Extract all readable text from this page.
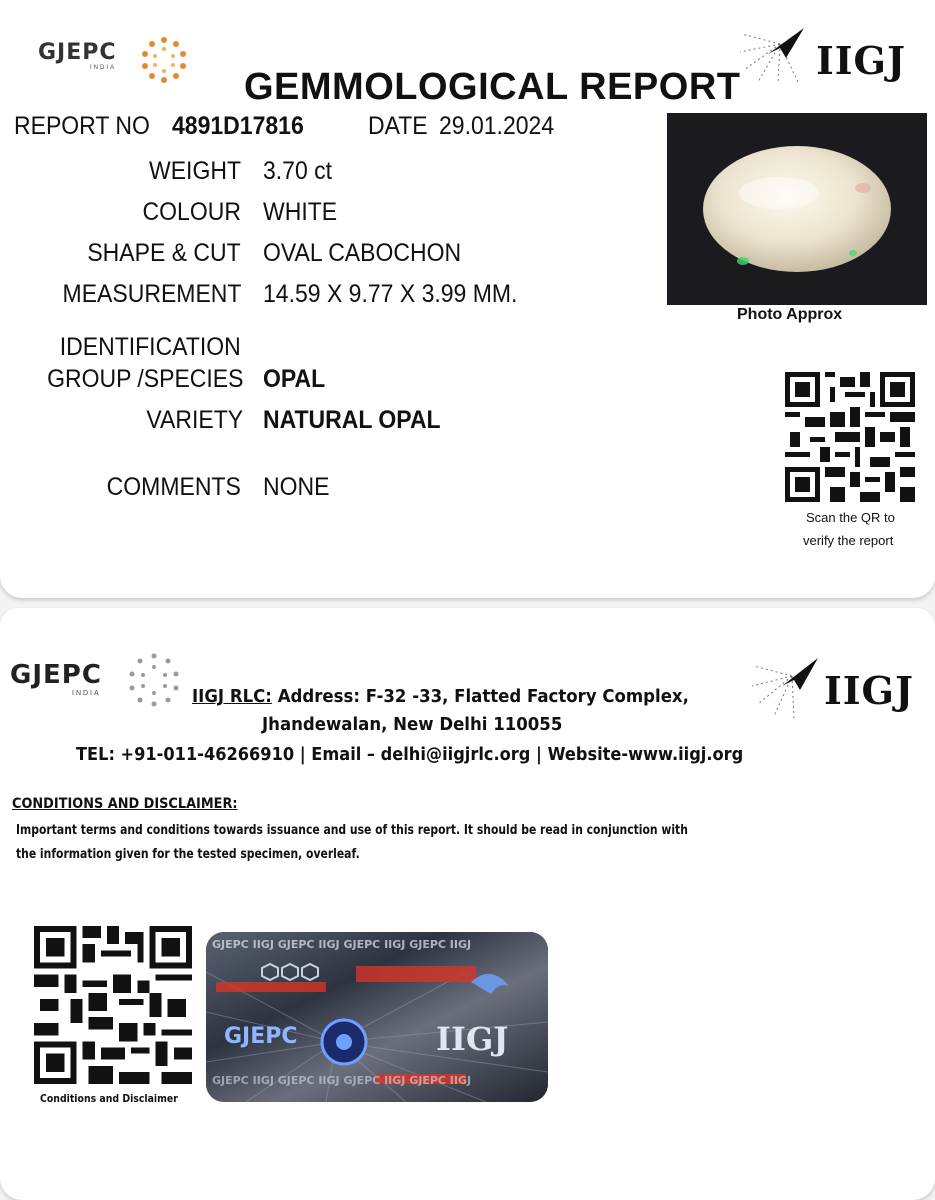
GJEPC
INDIA	IIGJ
GEMMOLOGICAL REPORT
REPORT NO 4891D17816	DATE 29.01.2024
WEIGHT 3.70 ct
COLOUR WHITE
SHAPE & CUT OVAL CABOCHON
MEASUREMENT 14.59 X 9.77 X 3.99 MM.
IDENTIFICATION
GROUP /SPECIES OPAL
VARIETY NATURAL OPAL
COMMENTS NONE
Photo Approx
Scan the QR to
verify the report
GJEPC
INDIA	IIGJ
IIGJ RLC: Address: F-32 -33, Flatted Factory Complex,
Jhandewalan, New Delhi 110055
TEL: +91-011-46266910 | Email – delhi@iigjrlc.org | Website-www.iigj.org
CONDITIONS AND DISCLAIMER:
Important terms and conditions towards issuance and use of this report. It should be read in conjunction with
the information given for the tested specimen, overleaf.
Conditions and Disclaimer
GJEPC IIGJ GJEPC IIGJ GJEPC IIGJ GJEPC IIGJ
GJEPC IIGJ GJEPC IIGJ GJEPC IIGJ GJEPC IIGJ
GJEPC	IIGJ
